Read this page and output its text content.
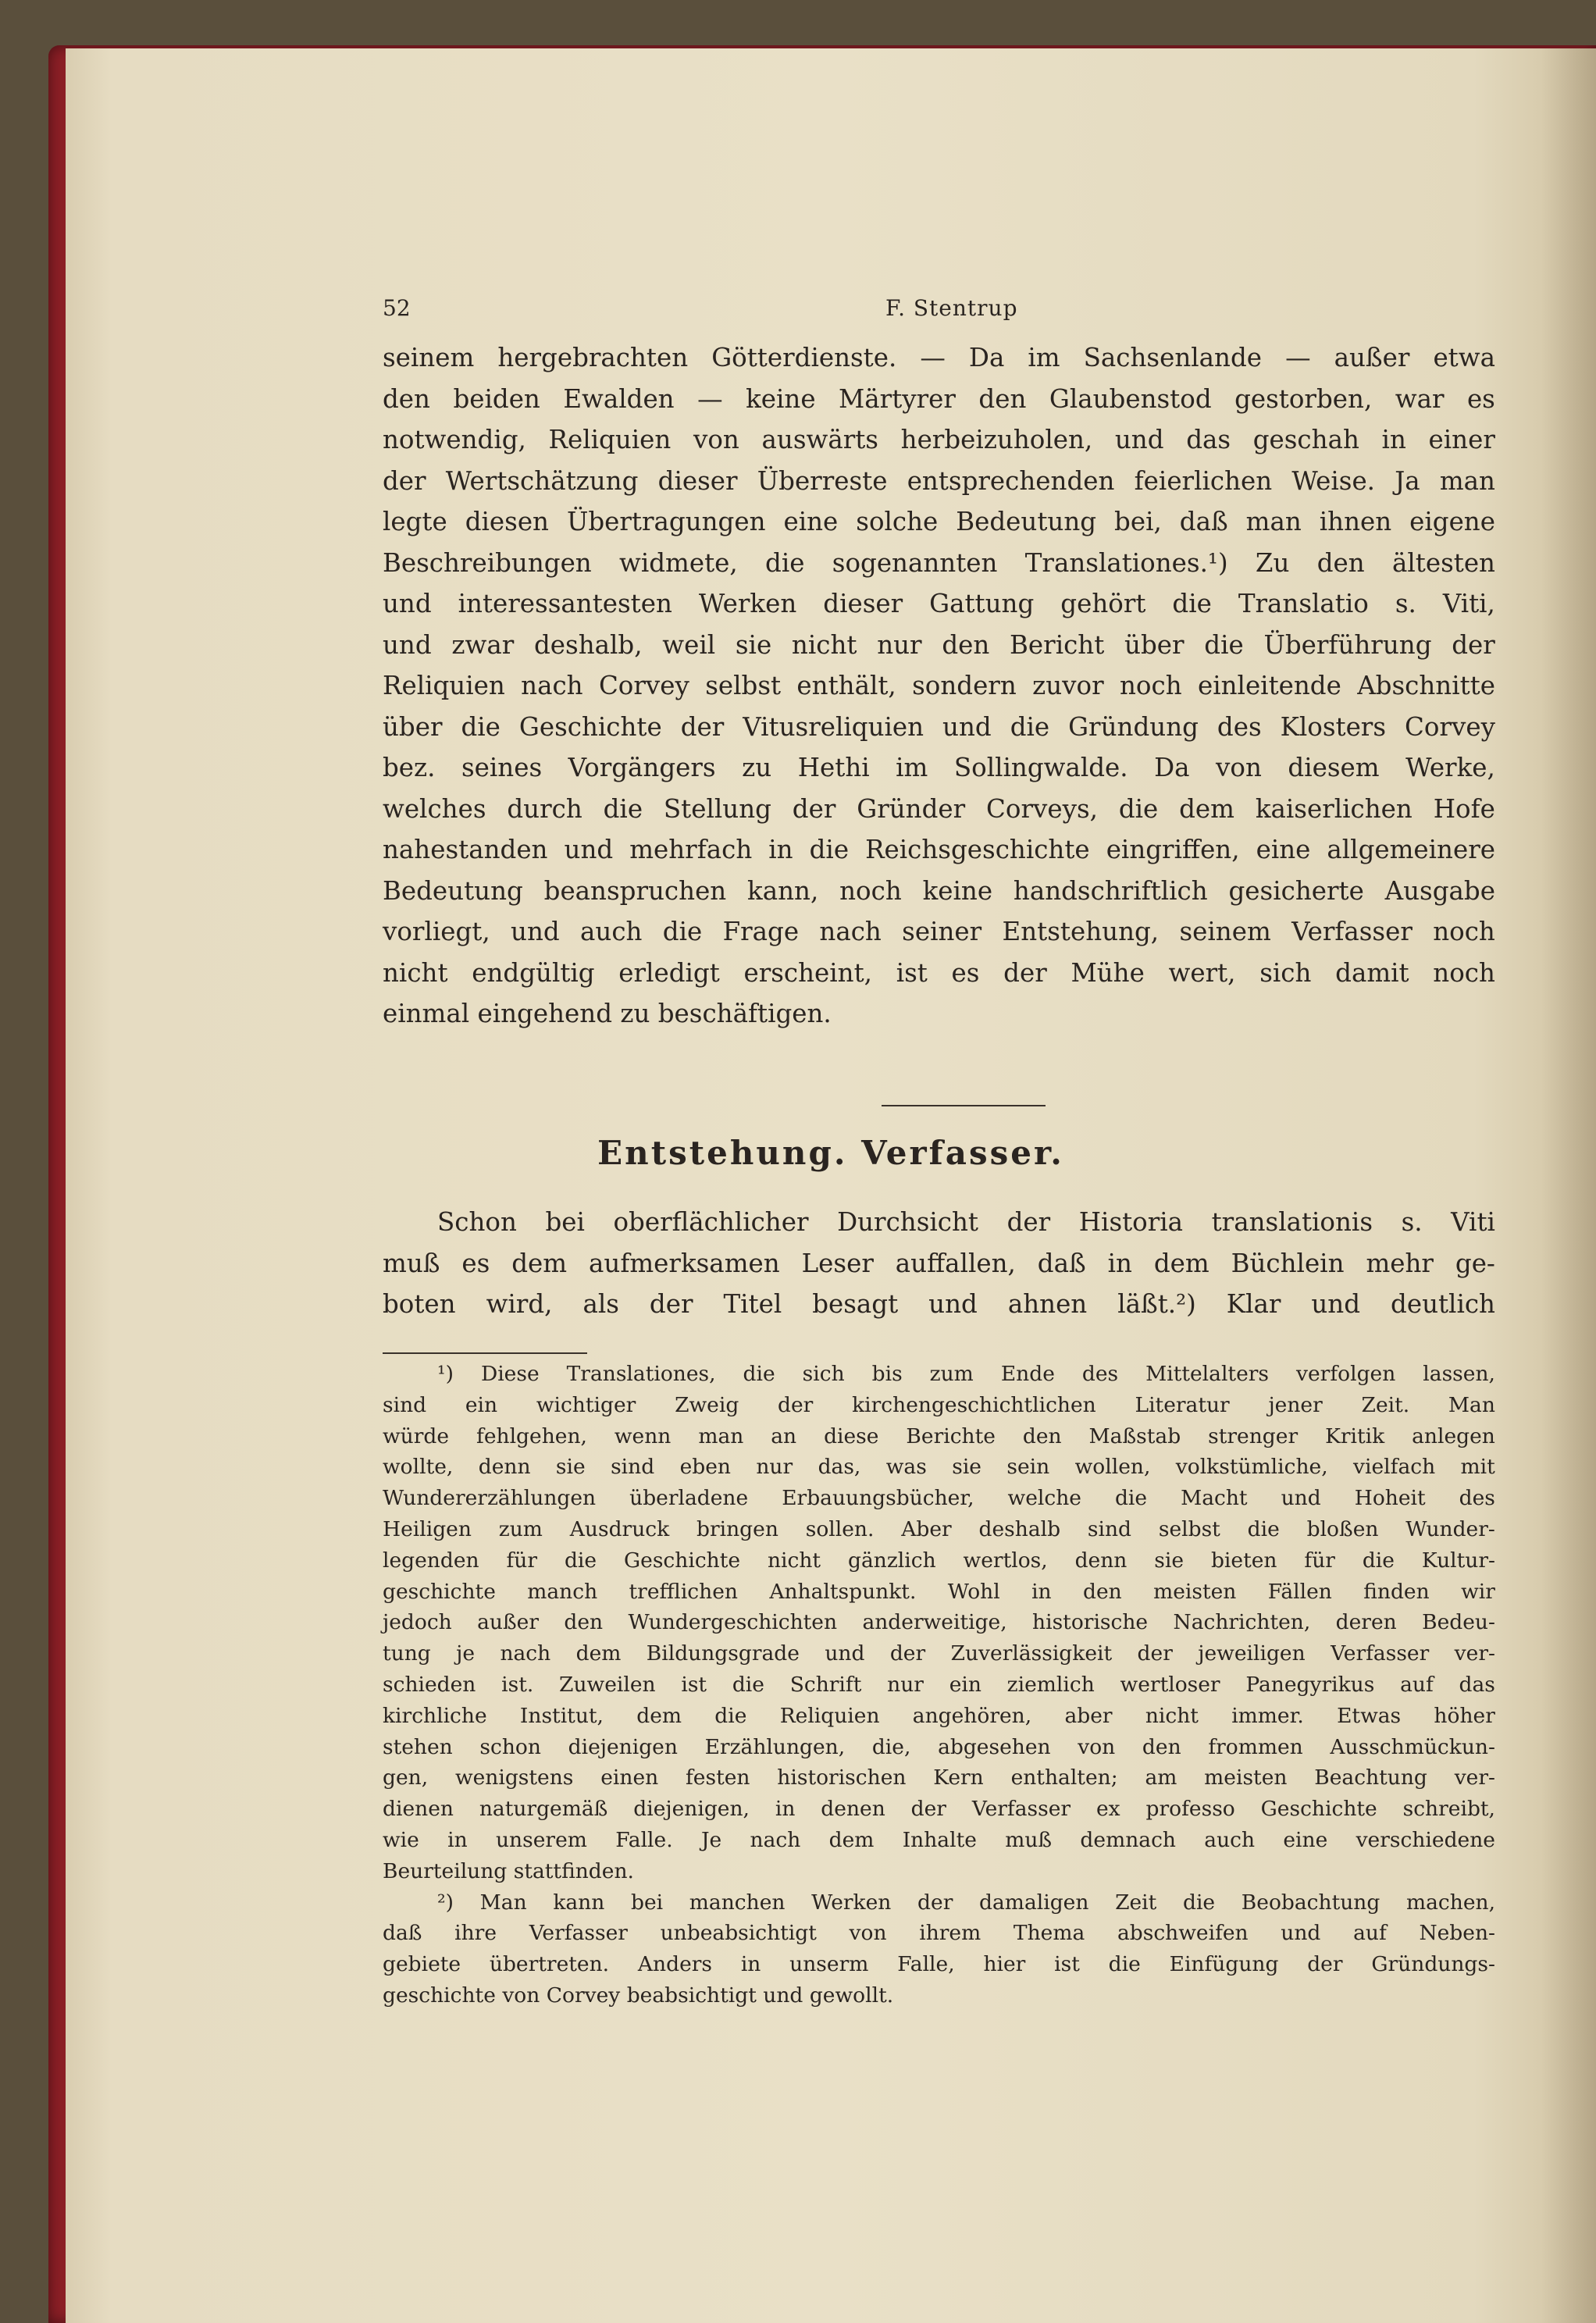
52	F. Stentrup
seinem hergebrachten Götterdienste. — Da im Sachsenlande — außer etwa
den beiden Ewalden — keine Märtyrer den Glaubenstod gestorben, war es
notwendig, Reliquien von auswärts herbeizuholen, und das geschah in einer
der Wertschätzung dieser Überreste entsprechenden feierlichen Weise. Ja man
legte diesen Übertragungen eine solche Bedeutung bei, daß man ihnen eigene
Beschreibungen widmete, die sogenannten Translationes.¹) Zu den ältesten
und interessantesten Werken dieser Gattung gehört die Translatio s. Viti,
und zwar deshalb, weil sie nicht nur den Bericht über die Überführung der
Reliquien nach Corvey selbst enthält, sondern zuvor noch einleitende Abschnitte
über die Geschichte der Vitusreliquien und die Gründung des Klosters Corvey
bez. seines Vorgängers zu Hethi im Sollingwalde. Da von diesem Werke,
welches durch die Stellung der Gründer Corveys, die dem kaiserlichen Hofe
nahestanden und mehrfach in die Reichsgeschichte eingriffen, eine allgemeinere
Bedeutung beanspruchen kann, noch keine handschriftlich gesicherte Ausgabe
vorliegt, und auch die Frage nach seiner Entstehung, seinem Verfasser noch
nicht endgültig erledigt erscheint, ist es der Mühe wert, sich damit noch
einmal
eingehend
zu
beschäftigen.

Entstehung. Verfasser.
Schon bei oberflächlicher Durchsicht der Historia translationis s. Viti
muß es dem aufmerksamen Leser auffallen, daß in dem Büchlein mehr ge-
boten wird, als der Titel besagt und ahnen läßt.²) Klar und deutlich
¹) Diese Translationes, die sich bis zum Ende des Mittelalters verfolgen lassen,
sind ein wichtiger Zweig der kirchengeschichtlichen Literatur jener Zeit. Man
würde fehlgehen, wenn man an diese Berichte den Maßstab strenger Kritik anlegen
wollte, denn sie sind eben nur das, was sie sein wollen, volkstümliche, vielfach mit
Wundererzählungen überladene Erbauungsbücher, welche die Macht und Hoheit des
Heiligen zum Ausdruck bringen sollen. Aber deshalb sind selbst die bloßen Wunder-
legenden für die Geschichte nicht gänzlich wertlos, denn sie bieten für die Kultur-
geschichte manch trefflichen Anhaltspunkt. Wohl in den meisten Fällen finden wir
jedoch außer den Wundergeschichten anderweitige, historische Nachrichten, deren Bedeu-
tung je nach dem Bildungsgrade und der Zuverlässigkeit der jeweiligen Verfasser ver-
schieden ist. Zuweilen ist die Schrift nur ein ziemlich wertloser Panegyrikus auf das
kirchliche Institut, dem die Reliquien angehören, aber nicht immer. Etwas höher
stehen schon diejenigen Erzählungen, die, abgesehen von den frommen Ausschmückun-
gen, wenigstens einen festen historischen Kern enthalten; am meisten Beachtung ver-
dienen naturgemäß diejenigen, in denen der Verfasser ex professo Geschichte schreibt,
wie in unserem Falle. Je nach dem Inhalte muß demnach auch eine verschiedene
Beurteilung
stattfinden.

²) Man kann bei manchen Werken der damaligen Zeit die Beobachtung machen,
daß ihre Verfasser unbeabsichtigt von ihrem Thema abschweifen und auf Neben-
gebiete übertreten. Anders in unserm Falle, hier ist die Einfügung der Gründungs-
geschichte
von
Corvey
beabsichtigt
und
gewollt.
